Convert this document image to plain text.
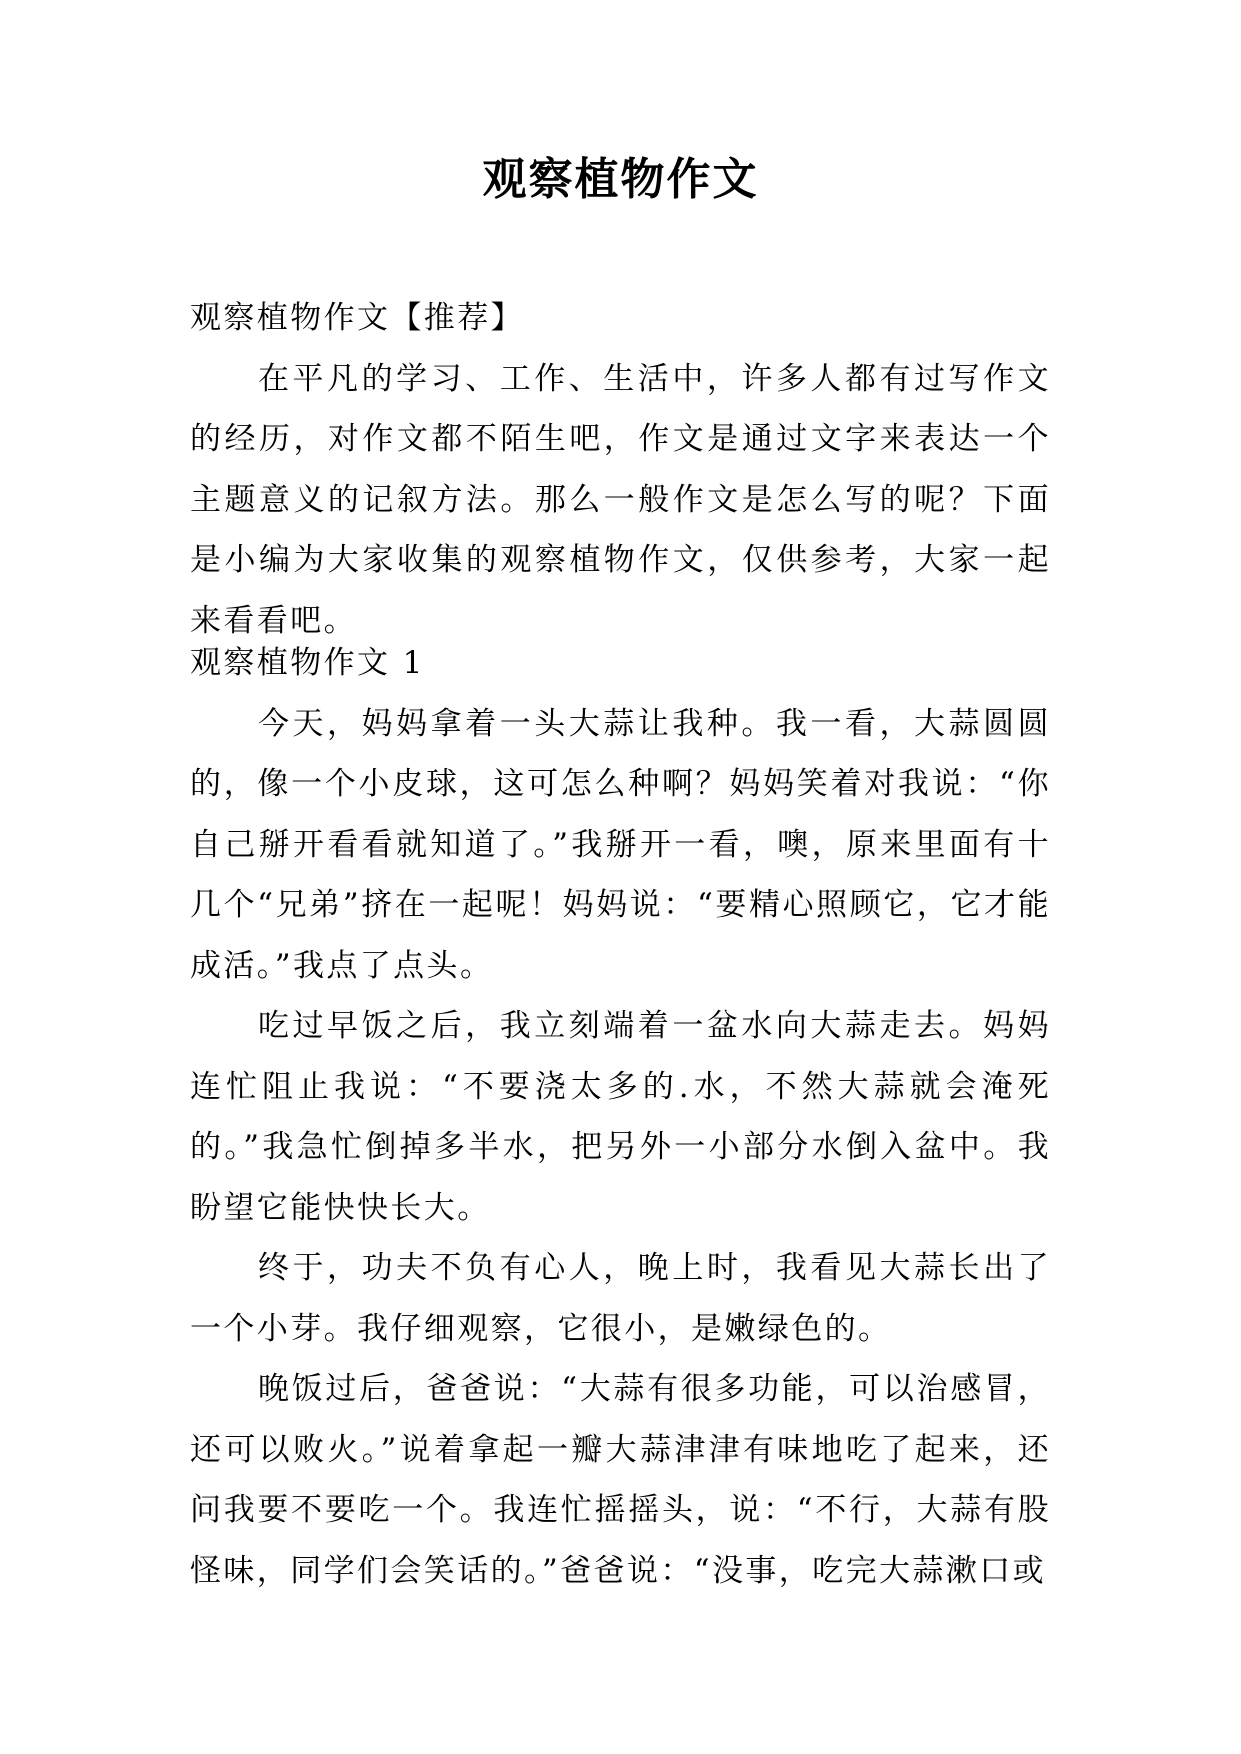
观察植物作文

观察植物作文【推荐】

在平凡的学习、工作、生活中，许多人都有过写作文的经历，对作文都不陌生吧，作文是通过文字来表达一个主题意义的记叙方法。那么一般作文是怎么写的呢？下面是小编为大家收集的观察植物作文，仅供参考，大家一起来看看吧。

观察植物作文 1

今天，妈妈拿着一头大蒜让我种。我一看，大蒜圆圆的，像一个小皮球，这可怎么种啊？妈妈笑着对我说：“你自己掰开看看就知道了。”我掰开一看，噢，原来里面有十几个“兄弟”挤在一起呢！妈妈说：“要精心照顾它，它才能成活。”我点了点头。

吃过早饭之后，我立刻端着一盆水向大蒜走去。妈妈连忙阻止我说：“不要浇太多的.水，不然大蒜就会淹死的。”我急忙倒掉多半水，把另外一小部分水倒入盆中。我盼望它能快快长大。

终于，功夫不负有心人，晚上时，我看见大蒜长出了一个小芽。我仔细观察，它很小，是嫩绿色的。

晚饭过后，爸爸说：“大蒜有很多功能，可以治感冒，还可以败火。”说着拿起一瓣大蒜津津有味地吃了起来，还问我要不要吃一个。我连忙摇摇头，说：“不行，大蒜有股怪味，同学们会笑话的。”爸爸说：“没事，吃完大蒜漱口或
